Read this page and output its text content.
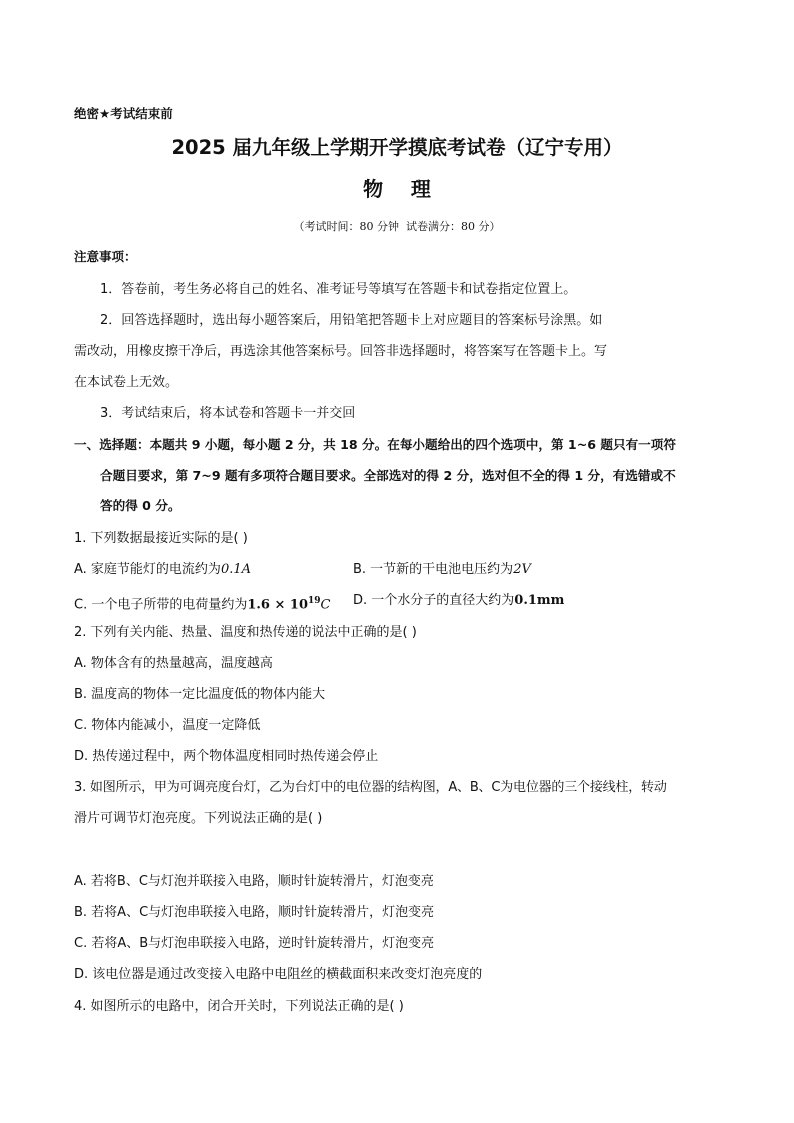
绝密★考试结束前
2025 届九年级上学期开学摸底考试卷（辽宁专用）
物    理
（考试时间：80 分钟  试卷满分：80 分）
注意事项：
1．答卷前，考生务必将自己的姓名、准考证号等填写在答题卡和试卷指定位置上。
2．回答选择题时，选出每小题答案后，用铅笔把答题卡上对应题目的答案标号涂黑。如
需改动，用橡皮擦干净后，再选涂其他答案标号。回答非选择题时，将答案写在答题卡上。写
在本试卷上无效。
3．考试结束后，将本试卷和答题卡一并交回
一、选择题：本题共 9 小题，每小题 2 分，共 18 分。在每小题给出的四个选项中，第 1~6 题只有一项符
合题目要求，第 7~9 题有多项符合题目要求。全部选对的得 2 分，选对但不全的得 1 分，有选错或不
答的得 0 分。
1. 下列数据最接近实际的是( )
A. 家庭节能灯的电流约为0.1A	B. 一节新的干电池电压约为2V
C. 一个电子所带的电荷量约为$1.6 \times 10^{19}C$ D. 一个水分子的直径大约为0.1mm
2. 下列有关内能、热量、温度和热传递的说法中正确的是( )
A. 物体含有的热量越高，温度越高
B. 温度高的物体一定比温度低的物体内能大
C. 物体内能减小，温度一定降低
D. 热传递过程中，两个物体温度相同时热传递会停止
3. 如图所示，甲为可调亮度台灯，乙为台灯中的电位器的结构图，A、B、C为电位器的三个接线柱，转动
滑片可调节灯泡亮度。下列说法正确的是( )
A. 若将B、C与灯泡并联接入电路，顺时针旋转滑片，灯泡变亮
B. 若将A、C与灯泡串联接入电路，顺时针旋转滑片，灯泡变亮
C. 若将A、B与灯泡串联接入电路，逆时针旋转滑片，灯泡变亮
D. 该电位器是通过改变接入电路中电阻丝的横截面积来改变灯泡亮度的
4. 如图所示的电路中，闭合开关时，下列说法正确的是( )
